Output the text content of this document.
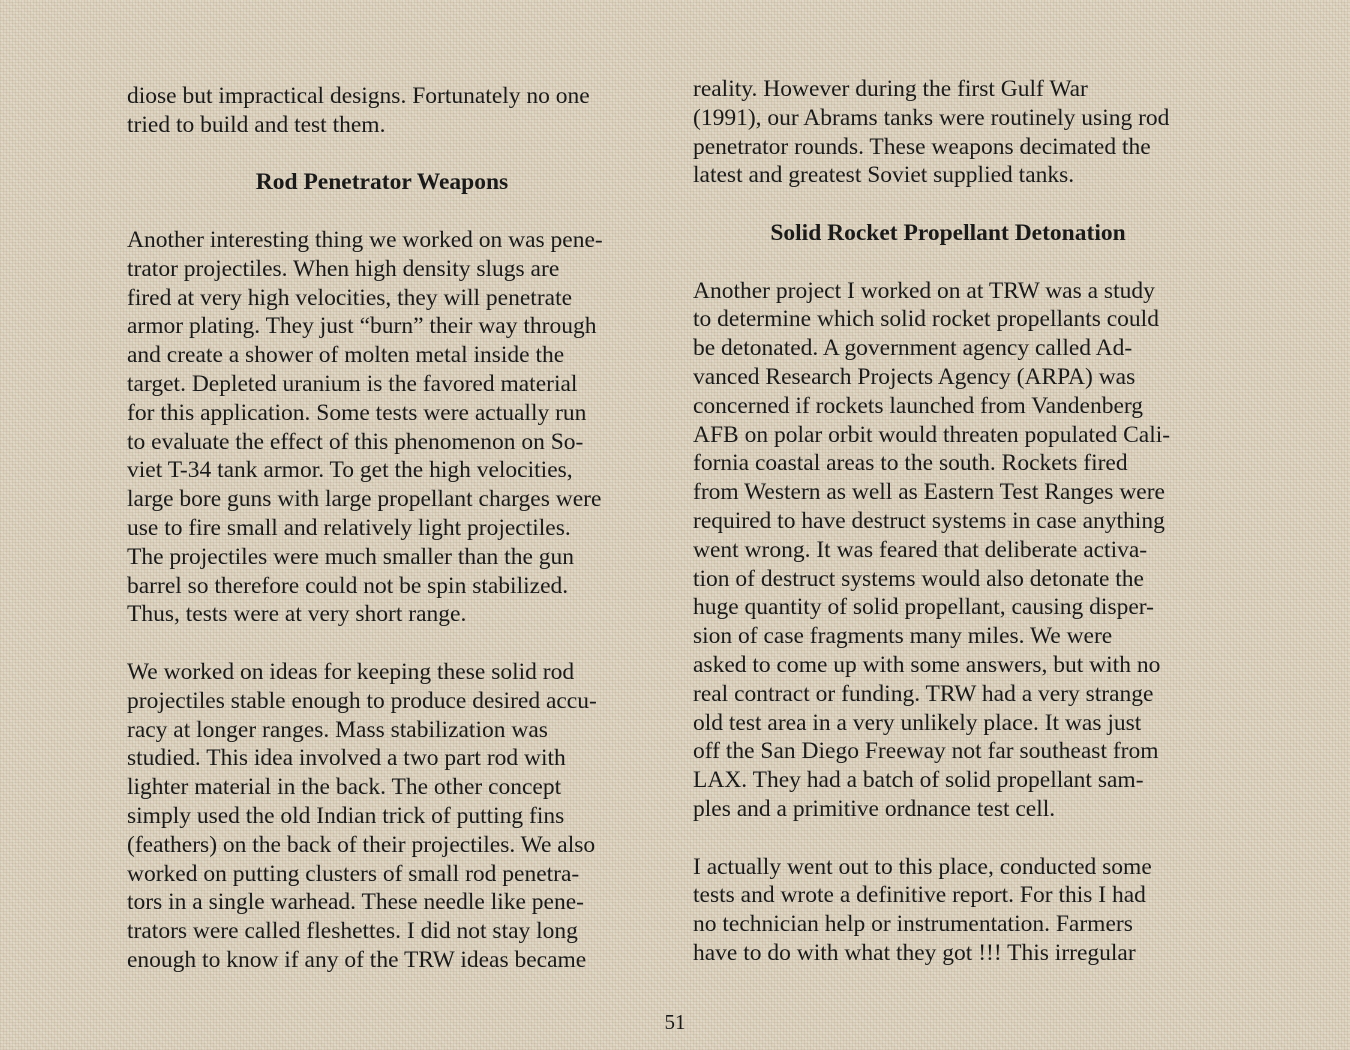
diose but impractical designs. Fortunately no one
tried to build and test them.
Rod Penetrator Weapons
Another interesting thing we worked on was pene-
trator projectiles. When high density slugs are
fired at very high velocities, they will penetrate
armor plating. They just “burn” their way through
and create a shower of molten metal inside the
target. Depleted uranium is the favored material
for this application. Some tests were actually run
to evaluate the effect of this phenomenon on So-
viet T-34 tank armor. To get the high velocities,
large bore guns with large propellant charges were
use to fire small and relatively light projectiles.
The projectiles were much smaller than the gun
barrel so therefore could not be spin stabilized.
Thus, tests were at very short range.
We worked on ideas for keeping these solid rod
projectiles stable enough to produce desired accu-
racy at longer ranges. Mass stabilization was
studied. This idea involved a two part rod with
lighter material in the back. The other concept
simply used the old Indian trick of putting fins
(feathers) on the back of their projectiles. We also
worked on putting clusters of small rod penetra-
tors in a single warhead. These needle like pene-
trators were called fleshettes. I did not stay long
enough to know if any of the TRW ideas became
reality. However during the first Gulf War
(1991), our Abrams tanks were routinely using rod
penetrator rounds. These weapons decimated the
latest and greatest Soviet supplied tanks.
Solid Rocket Propellant Detonation
Another project I worked on at TRW was a study
to determine which solid rocket propellants could
be detonated. A government agency called Ad-
vanced Research Projects Agency (ARPA) was
concerned if rockets launched from Vandenberg
AFB on polar orbit would threaten populated Cali-
fornia coastal areas to the south. Rockets fired
from Western as well as Eastern Test Ranges were
required to have destruct systems in case anything
went wrong. It was feared that deliberate activa-
tion of destruct systems would also detonate the
huge quantity of solid propellant, causing disper-
sion of case fragments many miles. We were
asked to come up with some answers, but with no
real contract or funding. TRW had a very strange
old test area in a very unlikely place. It was just
off the San Diego Freeway not far southeast from
LAX. They had a batch of solid propellant sam-
ples and a primitive ordnance test cell.
I actually went out to this place, conducted some
tests and wrote a definitive report. For this I had
no technician help or instrumentation. Farmers
have to do with what they got !!! This irregular
51
